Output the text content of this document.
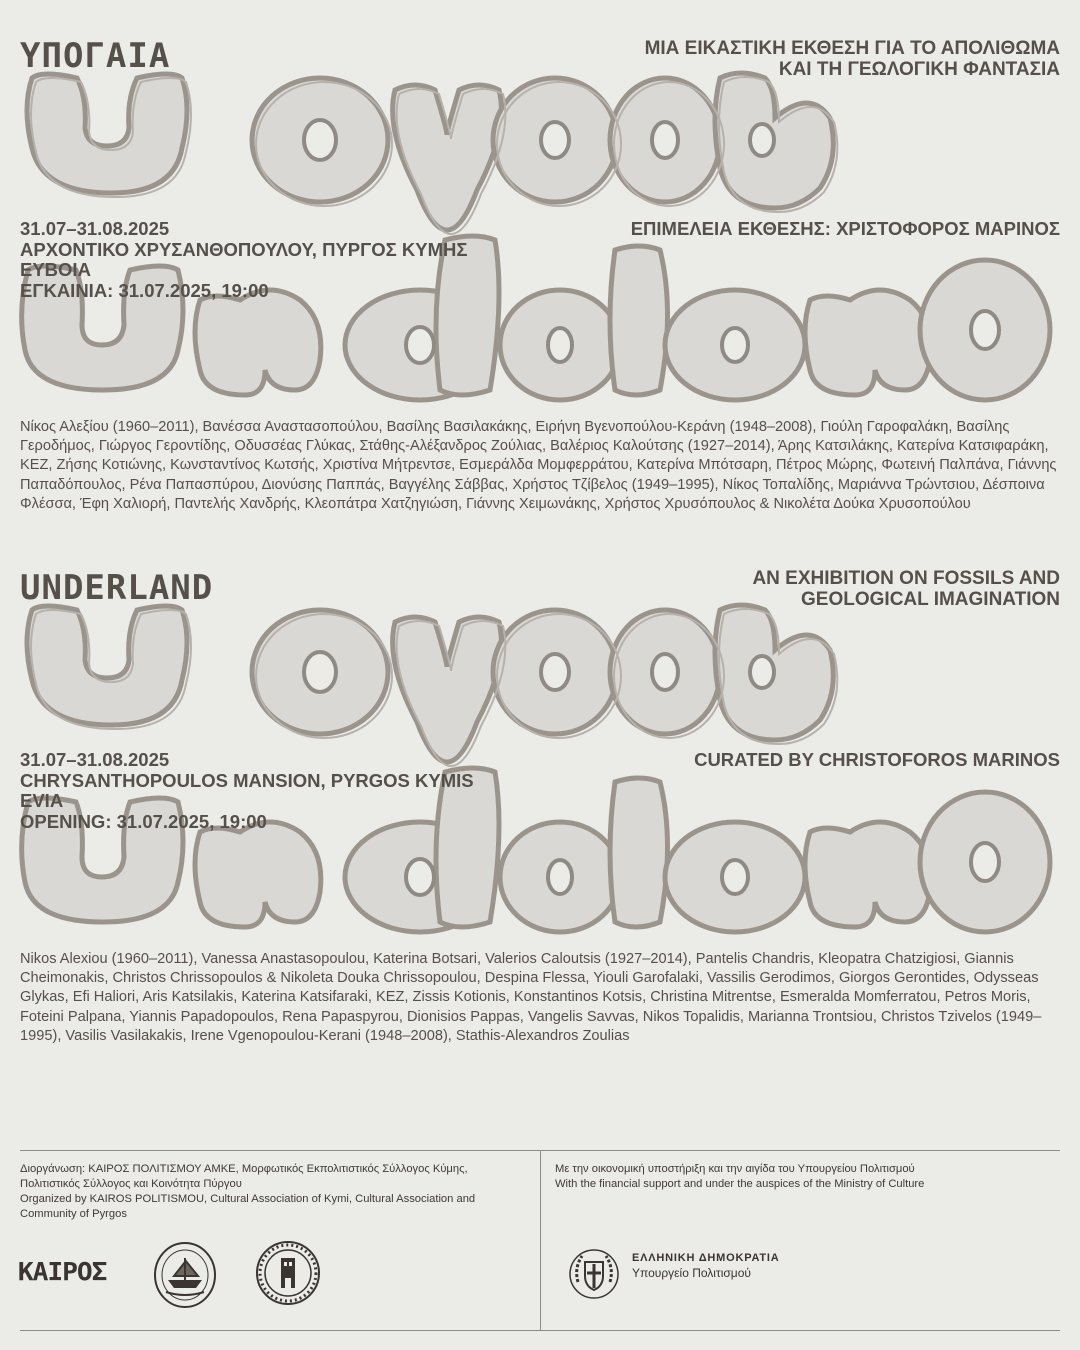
ΥΠΟΓΑΙΑ	ΜΙΑ ΕΙΚΑΣΤΙΚΗ ΕΚΘΕΣΗ ΓΙΑ ΤΟ ΑΠΟΛΙΘΩΜΑ
ΚΑΙ ΤΗ ΓΕΩΛΟΓΙΚΗ ΦΑΝΤΑΣΙΑ
31.07–31.08.2025
ΑΡΧΟΝΤΙΚΟ ΧΡΥΣΑΝΘΟΠΟΥΛΟΥ, ΠΥΡΓΟΣ ΚΥΜΗΣ
ΕΥΒΟΙΑ
ΕΓΚΑΙΝΙΑ: 31.07.2025, 19:00
ΕΠΙΜΕΛΕΙΑ ΕΚΘΕΣΗΣ: ΧΡΙΣΤΟΦΟΡΟΣ ΜΑΡΙΝΟΣ
Νίκος Αλεξίου (1960–2011), Βανέσσα Αναστασοπούλου, Βασίλης Βασιλακάκης, Ειρήνη Βγενοπούλου-Κεράνη (1948–2008), Γιούλη Γαροφαλάκη, Βασίλης Γεροδήμος, Γιώργος Γεροντίδης, Οδυσσέας Γλύκας, Στάθης-Αλέξανδρος Ζούλιας, Βαλέριος Καλούτσης (1927–2014), Άρης Κατσιλάκης, Κατερίνα Κατσιφαράκη, ΚΕΖ, Ζήσης Κοτιώνης, Κωνσταντίνος Κωτσής, Χριστίνα Μήτρεντσε, Εσμεράλδα Μομφερράτου, Κατερίνα Μπότσαρη, Πέτρος Μώρης, Φωτεινή Παλπάνα, Γιάννης Παπαδόπουλος, Ρένα Παπασπύρου, Διονύσης Παππάς, Βαγγέλης Σάββας, Χρήστος Τζίβελος (1949–1995), Νίκος Τοπαλίδης, Μαριάννα Τρώντσιου, Δέσποινα Φλέσσα, Έφη Χαλιορή, Παντελής Χανδρής, Κλεοπάτρα Χατζηγιώση, Γιάννης Χειμωνάκης, Χρήστος Χρυσόπουλος & Νικολέτα Δούκα Χρυσοπούλου
UNDERLAND	AN EXHIBITION ON FOSSILS AND
GEOLOGICAL IMAGINATION
31.07–31.08.2025
CHRYSANTHOPOULOS MANSION, PYRGOS KYMIS
EVIA
OPENING: 31.07.2025, 19:00
CURATED BY CHRISTOFOROS MARINOS
Nikos Alexiou (1960–2011), Vanessa Anastasopoulou, Katerina Botsari, Valerios Caloutsis (1927–2014), Pantelis Chandris, Kleopatra Chatzigiosi, Giannis Cheimonakis, Christos Chrissopoulos & Nikoleta Douka Chrissopoulou, Despina Flessa, Yiouli Garofalaki, Vassilis Gerodimos, Giorgos Gerontides, Odysseas Glykas, Efi Haliori, Aris Katsilakis, Katerina Katsifaraki, KEZ, Zissis Kotionis, Konstantinos Kotsis, Christina Mitrentse, Esmeralda Momferratou, Petros Moris, Foteini Palpana, Yiannis Papadopoulos, Rena Papaspyrou, Dionisios Pappas, Vangelis Savvas, Nikos Topalidis, Marianna Trontsiou, Christos Tzivelos (1949–1995), Vasilis Vasilakakis, Irene Vgenopoulou-Kerani (1948–2008), Stathis-Alexandros Zoulias
Διοργάνωση: ΚΑΙΡΟΣ ΠΟΛΙΤΙΣΜΟΥ ΑΜΚΕ, Μορφωτικός Εκπολιτιστικός Σύλλογος Κύμης, Πολιτιστικός Σύλλογος και Κοινότητα Πύργου
Organized by KAIROS POLITISMOU, Cultural Association of Kymi, Cultural Association and Community of Pyrgos
Με την οικονομική υποστήριξη και την αιγίδα του Υπουργείου Πολιτισμού
With the financial support and under the auspices of the Ministry of Culture
ΚΑΙΡΟΣ	ΕΛΛΗΝΙΚΗ ΔΗΜΟΚΡΑΤΙΑ
Υπουργείο Πολιτισμού
